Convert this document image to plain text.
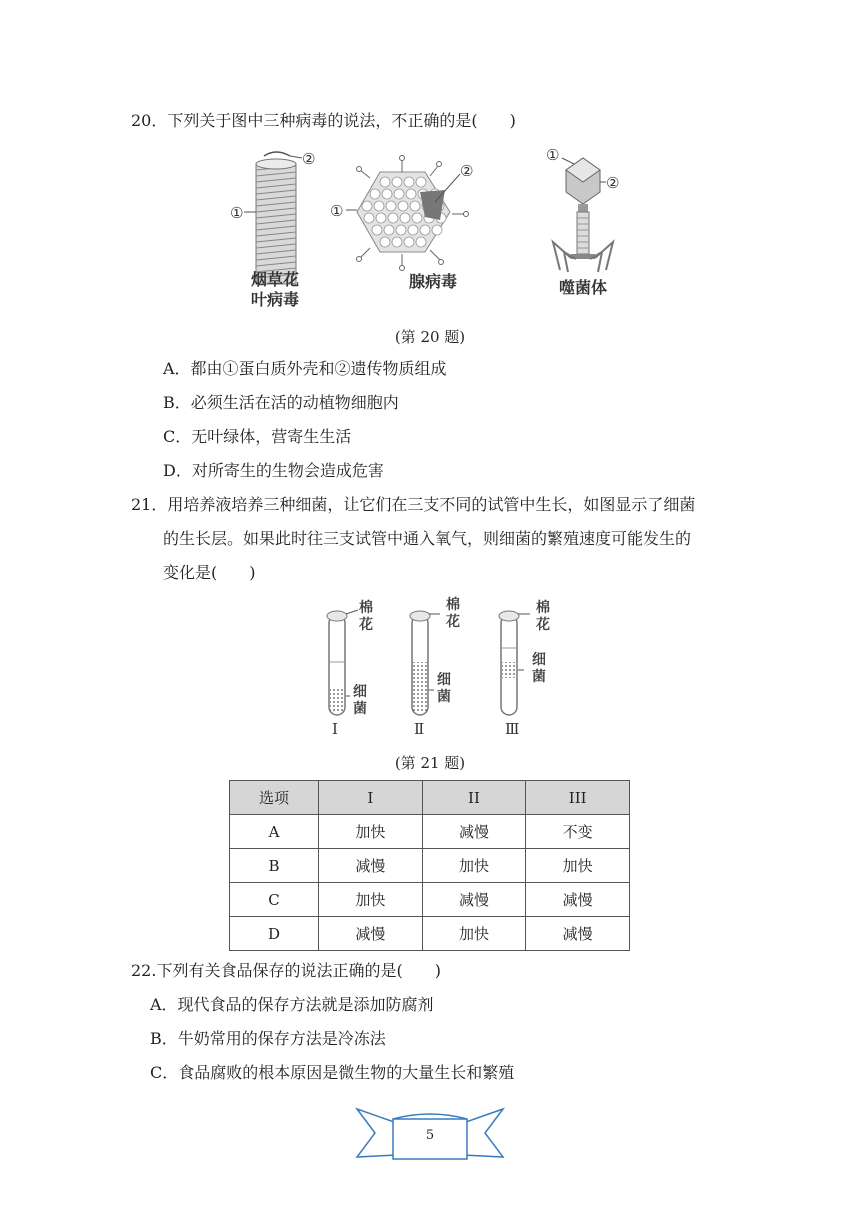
20．下列关于图中三种病毒的说法，不正确的是(　　)
②
①
②
①
①
②
烟草花
叶病毒
腺病毒	噬菌体
(第 20 题)
A．都由①蛋白质外壳和②遗传物质组成
B．必须生活在活的动植物细胞内
C．无叶绿体，营寄生生活
D．对所寄生的生物会造成危害
21．用培养液培养三种细菌，让它们在三支不同的试管中生长，如图显示了细菌
的生长层。如果此时往三支试管中通入氧气，则细菌的繁殖速度可能发生的
变化是(　　)
棉
花
细
菌
棉
花
细
菌
棉
花
细
菌
Ⅰ	Ⅱ	Ⅲ
(第 21 题)
选项	I	II	III
A	加快	减慢	不变
B	减慢	加快	加快
C	加快	减慢	减慢
D	减慢	加快	减慢
22.下列有关食品保存的说法正确的是(　　)
A．现代食品的保存方法就是添加防腐剂
B．牛奶常用的保存方法是冷冻法
C．食品腐败的根本原因是微生物的大量生长和繁殖
5
